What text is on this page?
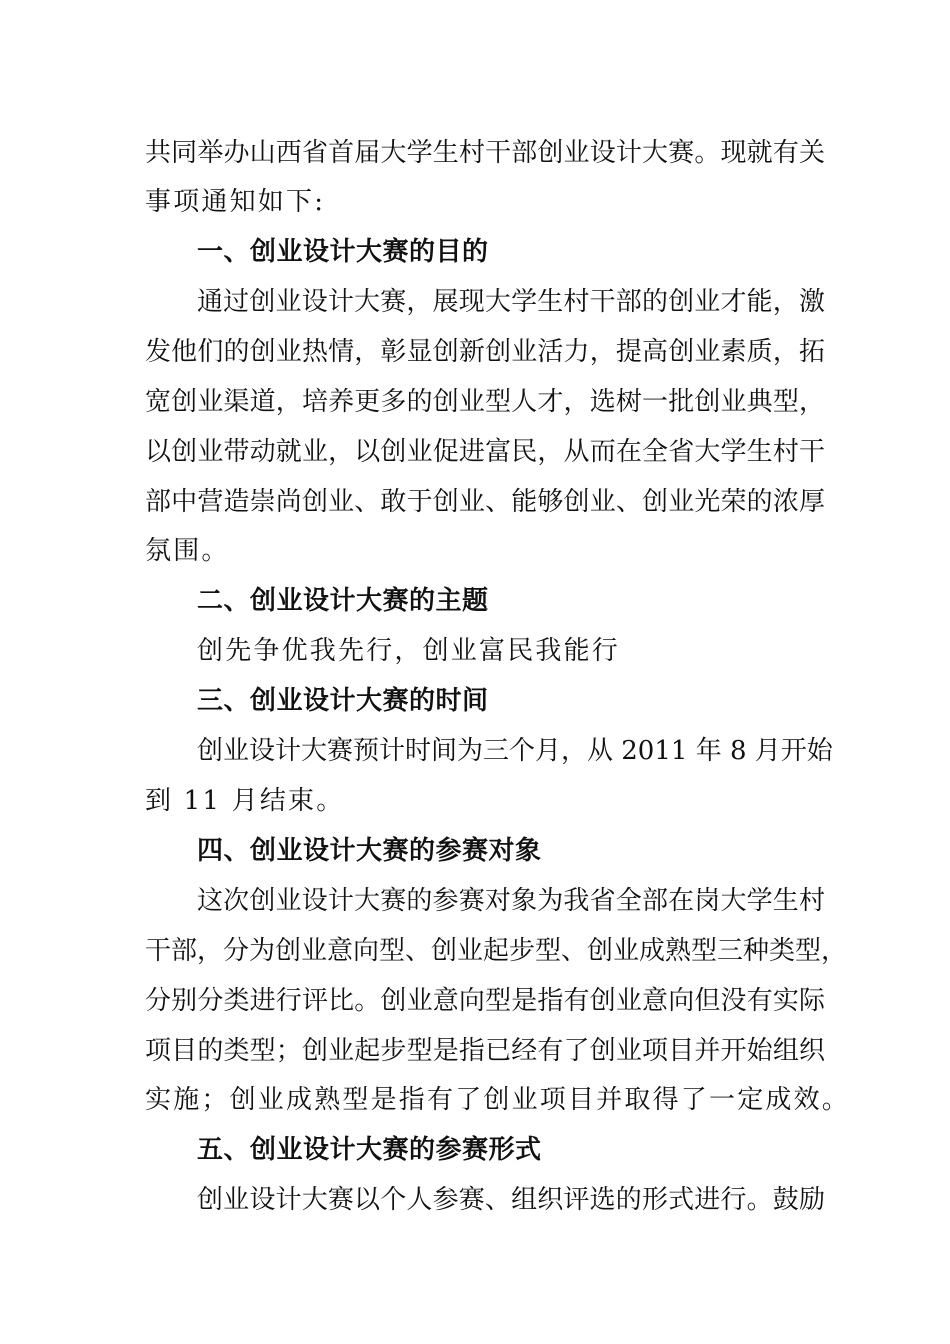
共同举办山西省首届大学生村干部创业设计大赛。现就有关
事项通知如下:
一、创业设计大赛的目的
通过创业设计大赛，展现大学生村干部的创业才能，激
发他们的创业热情，彰显创新创业活力，提高创业素质，拓
宽创业渠道，培养更多的创业型人才，选树一批创业典型，
以创业带动就业，以创业促进富民，从而在全省大学生村干
部中营造崇尚创业、敢于创业、能够创业、创业光荣的浓厚
氛围。
二、创业设计大赛的主题
创先争优我先行，创业富民我能行
三、创业设计大赛的时间
创业设计大赛预计时间为三个月，从 2011 年 8 月开始
到 11 月结束。
四、创业设计大赛的参赛对象
这次创业设计大赛的参赛对象为我省全部在岗大学生村
干部，分为创业意向型、创业起步型、创业成熟型三种类型，
分别分类进行评比。创业意向型是指有创业意向但没有实际
项目的类型；创业起步型是指已经有了创业项目并开始组织
实施；创业成熟型是指有了创业项目并取得了一定成效。
五、创业设计大赛的参赛形式
创业设计大赛以个人参赛、组织评选的形式进行。鼓励
